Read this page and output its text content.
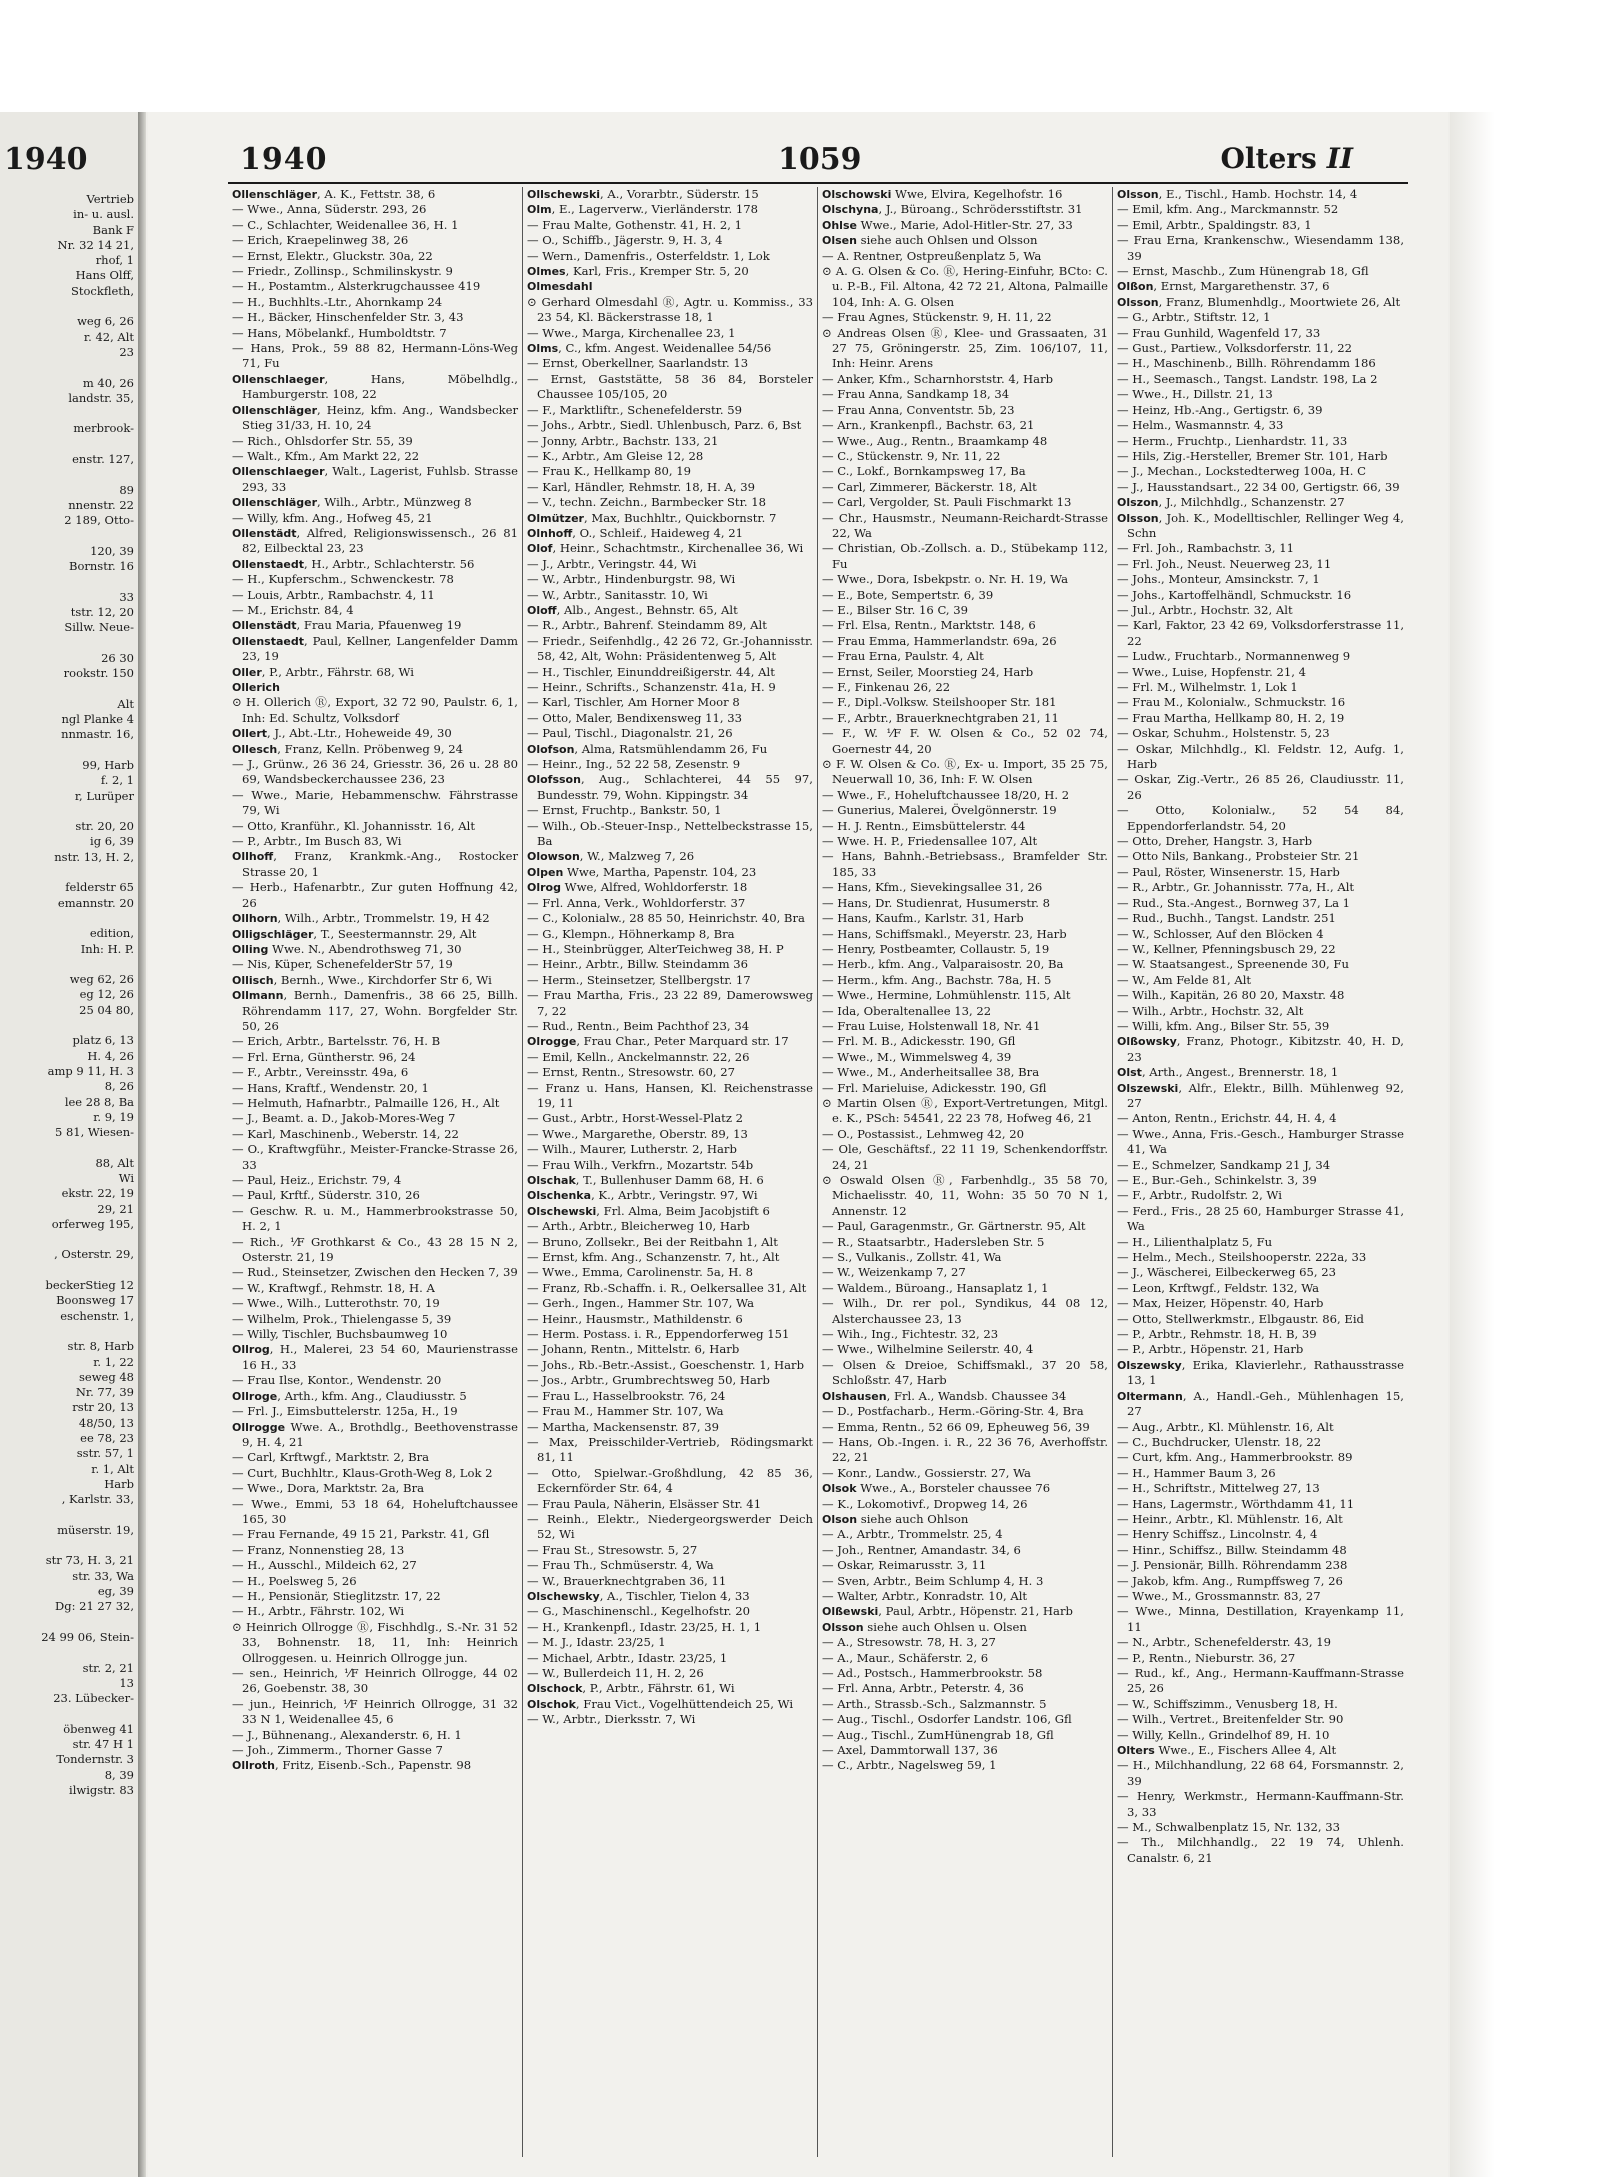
1940
Vertrieb
in- u. ausl.
Bank F
Nr. 32 14 21,
rhof, 1
Hans Olff,
Stockfleth,

weg 6, 26
r. 42, Alt
23

m 40, 26
landstr. 35,

merbrook-

enstr. 127,

89
nnenstr. 22
2 189, Otto-

120, 39
Bornstr. 16

33
tstr. 12, 20
Sillw. Neue-

26 30
rookstr. 150

Alt
ngl Planke 4
nnmastr. 16,

99, Harb
f. 2, 1
r, Lurüper

str. 20, 20
ig 6, 39
nstr. 13, H. 2,

felderstr 65
emannstr. 20

edition,
Inh: H. P.

weg 62, 26
eg 12, 26
25 04 80,

platz 6, 13
H. 4, 26
amp 9 11, H. 3
8, 26
lee 28 8, Ba
r. 9, 19
5 81, Wiesen-

88, Alt
Wi
ekstr. 22, 19
29, 21
orferweg 195,

, Osterstr. 29,

beckerStieg 12
Boonsweg 17
eschenstr. 1,

str. 8, Harb
r. 1, 22
seweg 48
Nr. 77, 39
rstr 20, 13
48/50, 13
ee 78, 23
sstr. 57, 1
r. 1, Alt
Harb
, Karlstr. 33,

müserstr. 19,

str 73, H. 3, 21
str. 33, Wa
eg, 39
Dg: 21 27 32,

24 99 06, Stein-

str. 2, 21
13
23. Lübecker-

öbenweg 41
str. 47 H 1
Tondernstr. 3
8, 39
ilwigstr. 83
1940	1059	Olters II
Ollenschläger, A. K., Fettstr. 38, 6
— Wwe., Anna, Süderstr. 293, 26
— C., Schlachter, Weidenallee 36, H. 1
— Erich, Kraepelinweg 38, 26
— Ernst, Elektr., Gluckstr. 30a, 22
— Friedr., Zollinsp., Schmilinskystr. 9
— H., Postamtm., Alsterkrugchaussee 419
— H., Buchhlts.-Ltr., Ahornkamp 24
— H., Bäcker, Hinschenfelder Str. 3, 43
— Hans, Möbelankf., Humboldtstr. 7
— Hans, Prok., 59 88 82, Hermann-Löns-Weg 71, Fu
Ollenschlaeger, Hans, Möbelhdlg., Hamburgerstr. 108, 22
Ollenschläger, Heinz, kfm. Ang., Wandsbecker Stieg 31/33, H. 10, 24
— Rich., Ohlsdorfer Str. 55, 39
— Walt., Kfm., Am Markt 22, 22
Ollenschlaeger, Walt., Lagerist, Fuhlsb. Strasse 293, 33
Ollenschläger, Wilh., Arbtr., Münzweg 8
— Willy, kfm. Ang., Hofweg 45, 21
Ollenstädt, Alfred, Religionswissensch., 26 81 82, Eilbecktal 23, 23
Ollenstaedt, H., Arbtr., Schlachterstr. 56
— H., Kupferschm., Schwenckestr. 78
— Louis, Arbtr., Rambachstr. 4, 11
— M., Erichstr. 84, 4
Ollenstädt, Frau Maria, Pfauenweg 19
Ollenstaedt, Paul, Kellner, Langenfelder Damm 23, 19
Oller, P., Arbtr., Fährstr. 68, Wi
Ollerich
⊙ H. Ollerich Ⓡ, Export, 32 72 90, Paulstr. 6, 1, Inh: Ed. Schultz, Volksdorf
Ollert, J., Abt.-Ltr., Hoheweide 49, 30
Ollesch, Franz, Kelln. Pröbenweg 9, 24
— J., Grünw., 26 36 24, Griesstr. 36, 26 u. 28 80 69, Wandsbeckerchaussee 236, 23
— Wwe., Marie, Hebammenschw. Fährstrasse 79, Wi
— Otto, Kranführ., Kl. Johannisstr. 16, Alt
— P., Arbtr., Im Busch 83, Wi
Ollhoff, Franz, Krankmk.-Ang., Rostocker Strasse 20, 1
— Herb., Hafenarbtr., Zur guten Hoffnung 42, 26
Ollhorn, Wilh., Arbtr., Trommelstr. 19, H 42
Olligschläger, T., Seestermannstr. 29, Alt
Olling Wwe. N., Abendrothsweg 71, 30
— Nis, Küper, SchenefelderStr 57, 19
Ollisch, Bernh., Wwe., Kirchdorfer Str 6, Wi
Ollmann, Bernh., Damenfris., 38 66 25, Billh. Röhrendamm 117, 27, Wohn. Borgfelder Str. 50, 26
— Erich, Arbtr., Bartelsstr. 76, H. B
— Frl. Erna, Güntherstr. 96, 24
— F., Arbtr., Vereinsstr. 49a, 6
— Hans, Kraftf., Wendenstr. 20, 1
— Helmuth, Hafnarbtr., Palmaille 126, H., Alt
— J., Beamt. a. D., Jakob-Mores-Weg 7
— Karl, Maschinenb., Weberstr. 14, 22
— O., Kraftwgführ., Meister-Francke-Strasse 26, 33
— Paul, Heiz., Erichstr. 79, 4
— Paul, Krftf., Süderstr. 310, 26
— Geschw. R. u. M., Hammerbrookstrasse 50, H. 2, 1
— Rich., ⅟F Grothkarst & Co., 43 28 15 N 2, Osterstr. 21, 19
— Rud., Steinsetzer, Zwischen den Hecken 7, 39
— W., Kraftwgf., Rehmstr. 18, H. A
— Wwe., Wilh., Lutterothstr. 70, 19
— Wilhelm, Prok., Thielengasse 5, 39
— Willy, Tischler, Buchsbaumweg 10
Ollrog, H., Malerei, 23 54 60, Maurienstrasse 16 H., 33
— Frau Ilse, Kontor., Wendenstr. 20
Ollroge, Arth., kfm. Ang., Claudiusstr. 5
— Frl. J., Eimsbuttelerstr. 125a, H., 19
Ollrogge Wwe. A., Brothdlg., Beethovenstrasse 9, H. 4, 21
— Carl, Krftwgf., Marktstr. 2, Bra
— Curt, Buchhltr., Klaus-Groth-Weg 8, Lok 2
— Wwe., Dora, Marktstr. 2a, Bra
— Wwe., Emmi, 53 18 64, Hoheluftchaussee 165, 30
— Frau Fernande, 49 15 21, Parkstr. 41, Gfl
— Franz, Nonnenstieg 28, 13
— H., Ausschl., Mildeich 62, 27
— H., Poelsweg 5, 26
— H., Pensionär, Stieglitzstr. 17, 22
— H., Arbtr., Fährstr. 102, Wi
⊙ Heinrich Ollrogge Ⓡ, Fischhdlg., S.-Nr. 31 52 33, Bohnenstr. 18, 11, Inh: Heinrich Ollroggesen. u. Heinrich Ollrogge jun.
— sen., Heinrich, ⅟F Heinrich Ollrogge, 44 02 26, Goebenstr. 38, 30
— jun., Heinrich, ⅟F Heinrich Ollrogge, 31 32 33 N 1, Weidenallee 45, 6
— J., Bühnenang., Alexanderstr. 6, H. 1
— Joh., Zimmerm., Thorner Gasse 7
Ollroth, Fritz, Eisenb.-Sch., Papenstr. 98
Ollschewski, A., Vorarbtr., Süderstr. 15
Olm, E., Lagerverw., Vierländerstr. 178
— Frau Malte, Gothenstr. 41, H. 2, 1
— O., Schiffb., Jägerstr. 9, H. 3, 4
— Wern., Damenfris., Osterfeldstr. 1, Lok
Olmes, Karl, Fris., Kremper Str. 5, 20
Olmesdahl
⊙ Gerhard Olmesdahl Ⓡ, Agtr. u. Kommiss., 33 23 54, Kl. Bäckerstrasse 18, 1
— Wwe., Marga, Kirchenallee 23, 1
Olms, C., kfm. Angest. Weidenallee 54/56
— Ernst, Oberkellner, Saarlandstr. 13
— Ernst, Gaststätte, 58 36 84, Borsteler Chaussee 105/105, 20
— F., Marktliftr., Schenefelderstr. 59
— Johs., Arbtr., Siedl. Uhlenbusch, Parz. 6, Bst
— Jonny, Arbtr., Bachstr. 133, 21
— K., Arbtr., Am Gleise 12, 28
— Frau K., Hellkamp 80, 19
— Karl, Händler, Rehmstr. 18, H. A, 39
— V., techn. Zeichn., Barmbecker Str. 18
Olmützer, Max, Buchhltr., Quickbornstr. 7
Olnhoff, O., Schleif., Haideweg 4, 21
Olof, Heinr., Schachtmstr., Kirchenallee 36, Wi
— J., Arbtr., Veringstr. 44, Wi
— W., Arbtr., Hindenburgstr. 98, Wi
— W., Arbtr., Sanitasstr. 10, Wi
Oloff, Alb., Angest., Behnstr. 65, Alt
— R., Arbtr., Bahrenf. Steindamm 89, Alt
— Friedr., Seifenhdlg., 42 26 72, Gr.-Johannisstr. 58, 42, Alt, Wohn: Präsidentenweg 5, Alt
— H., Tischler, Einunddreißigerstr. 44, Alt
— Heinr., Schrifts., Schanzenstr. 41a, H. 9
— Karl, Tischler, Am Horner Moor 8
— Otto, Maler, Bendixensweg 11, 33
— Paul, Tischl., Diagonalstr. 21, 26
Olofson, Alma, Ratsmühlendamm 26, Fu
— Heinr., Ing., 52 22 58, Zesenstr. 9
Olofsson, Aug., Schlachterei, 44 55 97, Bundesstr. 79, Wohn. Kippingstr. 34
— Ernst, Fruchtp., Bankstr. 50, 1
— Wilh., Ob.-Steuer-Insp., Nettelbeckstrasse 15, Ba
Olowson, W., Malzweg 7, 26
Olpen Wwe, Martha, Papenstr. 104, 23
Olrog Wwe, Alfred, Wohldorferstr. 18
— Frl. Anna, Verk., Wohldorferstr. 37
— C., Kolonialw., 28 85 50, Heinrichstr. 40, Bra
— G., Klempn., Höhnerkamp 8, Bra
— H., Steinbrügger, AlterTeichweg 38, H. P
— Heinr., Arbtr., Billw. Steindamm 36
— Herm., Steinsetzer, Stellbergstr. 17
— Frau Martha, Fris., 23 22 89, Damerowsweg 7, 22
— Rud., Rentn., Beim Pachthof 23, 34
Olrogge, Frau Char., Peter Marquard str. 17
— Emil, Kelln., Anckelmannstr. 22, 26
— Ernst, Rentn., Stresowstr. 60, 27
— Franz u. Hans, Hansen, Kl. Reichenstrasse 19, 11
— Gust., Arbtr., Horst-Wessel-Platz 2
— Wwe., Margarethe, Oberstr. 89, 13
— Wilh., Maurer, Lutherstr. 2, Harb
— Frau Wilh., Verkfrn., Mozartstr. 54b
Olschak, T., Bullenhuser Damm 68, H. 6
Olschenka, K., Arbtr., Veringstr. 97, Wi
Olschewski, Frl. Alma, Beim Jacobjstift 6
— Arth., Arbtr., Bleicherweg 10, Harb
— Bruno, Zollsekr., Bei der Reitbahn 1, Alt
— Ernst, kfm. Ang., Schanzenstr. 7, ht., Alt
— Wwe., Emma, Carolinenstr. 5a, H. 8
— Franz, Rb.-Schaffn. i. R., Oelkersallee 31, Alt
— Gerh., Ingen., Hammer Str. 107, Wa
— Heinr., Hausmstr., Mathildenstr. 6
— Herm. Postass. i. R., Eppendorferweg 151
— Johann, Rentn., Mittelstr. 6, Harb
— Johs., Rb.-Betr.-Assist., Goeschenstr. 1, Harb
— Jos., Arbtr., Grumbrechtsweg 50, Harb
— Frau L., Hasselbrookstr. 76, 24
— Frau M., Hammer Str. 107, Wa
— Martha, Mackensenstr. 87, 39
— Max, Preisschilder-Vertrieb, Rödingsmarkt 81, 11
— Otto, Spielwar.-Großhdlung, 42 85 36, Eckernförder Str. 64, 4
— Frau Paula, Näherin, Elsässer Str. 41
— Reinh., Elektr., Niedergeorgswerder Deich 52, Wi
— Frau St., Stresowstr. 5, 27
— Frau Th., Schmüserstr. 4, Wa
— W., Brauerknechtgraben 36, 11
Olschewsky, A., Tischler, Tielon 4, 33
— G., Maschinenschl., Kegelhofstr. 20
— H., Krankenpfl., Idastr. 23/25, H. 1, 1
— M. J., Idastr. 23/25, 1
— Michael, Arbtr., Idastr. 23/25, 1
— W., Bullerdeich 11, H. 2, 26
Olschock, P., Arbtr., Fährstr. 61, Wi
Olschok, Frau Vict., Vogelhüttendeich 25, Wi
— W., Arbtr., Dierksstr. 7, Wi
Olschowski Wwe, Elvira, Kegelhofstr. 16
Olschyna, J., Büroang., Schrödersstiftstr. 31
Ohlse Wwe., Marie, Adol-Hitler-Str. 27, 33
Olsen siehe auch Ohlsen und Olsson
— A. Rentner, Ostpreußenplatz 5, Wa
⊙ A. G. Olsen & Co. Ⓡ, Hering-Einfuhr, BCto: C. u. P.-B., Fil. Altona, 42 72 21, Altona, Palmaille 104, Inh: A. G. Olsen
— Frau Agnes, Stückenstr. 9, H. 11, 22
⊙ Andreas Olsen Ⓡ, Klee- und Grassaaten, 31 27 75, Gröningerstr. 25, Zim. 106/107, 11, Inh: Heinr. Arens
— Anker, Kfm., Scharnhorststr. 4, Harb
— Frau Anna, Sandkamp 18, 34
— Frau Anna, Conventstr. 5b, 23
— Arn., Krankenpfl., Bachstr. 63, 21
— Wwe., Aug., Rentn., Braamkamp 48
— C., Stückenstr. 9, Nr. 11, 22
— C., Lokf., Bornkampsweg 17, Ba
— Carl, Zimmerer, Bäckerstr. 18, Alt
— Carl, Vergolder, St. Pauli Fischmarkt 13
— Chr., Hausmstr., Neumann-Reichardt-Strasse 22, Wa
— Christian, Ob.-Zollsch. a. D., Stübekamp 112, Fu
— Wwe., Dora, Isbekpstr. o. Nr. H. 19, Wa
— E., Bote, Sempertstr. 6, 39
— E., Bilser Str. 16 C, 39
— Frl. Elsa, Rentn., Marktstr. 148, 6
— Frau Emma, Hammerlandstr. 69a, 26
— Frau Erna, Paulstr. 4, Alt
— Ernst, Seiler, Moorstieg 24, Harb
— F., Finkenau 26, 22
— F., Dipl.-Volksw. Steilshooper Str. 181
— F., Arbtr., Brauerknechtgraben 21, 11
— F., W. ⅟F F. W. Olsen & Co., 52 02 74, Goernestr 44, 20
⊙ F. W. Olsen & Co. Ⓡ, Ex- u. Import, 35 25 75, Neuerwall 10, 36, Inh: F. W. Olsen
— Wwe., F., Hoheluftchaussee 18/20, H. 2
— Gunerius, Malerei, Övelgönnerstr. 19
— H. J. Rentn., Eimsbüttelerstr. 44
— Wwe. H. P., Friedensallee 107, Alt
— Hans, Bahnh.-Betriebsass., Bramfelder Str. 185, 33
— Hans, Kfm., Sievekingsallee 31, 26
— Hans, Dr. Studienrat, Husumerstr. 8
— Hans, Kaufm., Karlstr. 31, Harb
— Hans, Schiffsmakl., Meyerstr. 23, Harb
— Henry, Postbeamter, Collaustr. 5, 19
— Herb., kfm. Ang., Valparaisostr. 20, Ba
— Herm., kfm. Ang., Bachstr. 78a, H. 5
— Wwe., Hermine, Lohmühlenstr. 115, Alt
— Ida, Oberaltenallee 13, 22
— Frau Luise, Holstenwall 18, Nr. 41
— Frl. M. B., Adickesstr. 190, Gfl
— Wwe., M., Wimmelsweg 4, 39
— Wwe., M., Anderheitsallee 38, Bra
— Frl. Marieluise, Adickesstr. 190, Gfl
⊙ Martin Olsen Ⓡ, Export-Vertretungen, Mitgl. e. K., PSch: 54541, 22 23 78, Hofweg 46, 21
— O., Postassist., Lehmweg 42, 20
— Ole, Geschäftsf., 22 11 19, Schenkendorffstr. 24, 21
⊙ Oswald Olsen Ⓡ, Farbenhdlg., 35 58 70, Michaelisstr. 40, 11, Wohn: 35 50 70 N 1, Annenstr. 12
— Paul, Garagenmstr., Gr. Gärtnerstr. 95, Alt
— R., Staatsarbtr., Hadersleben Str. 5
— S., Vulkanis., Zollstr. 41, Wa
— W., Weizenkamp 7, 27
— Waldem., Büroang., Hansaplatz 1, 1
— Wilh., Dr. rer pol., Syndikus, 44 08 12, Alsterchaussee 23, 13
— Wih., Ing., Fichtestr. 32, 23
— Wwe., Wilhelmine Seilerstr. 40, 4
— Olsen & Dreioe, Schiffsmakl., 37 20 58, Schloßstr. 47, Harb
Olshausen, Frl. A., Wandsb. Chaussee 34
— D., Postfacharb., Herm.-Göring-Str. 4, Bra
— Emma, Rentn., 52 66 09, Epheuweg 56, 39
— Hans, Ob.-Ingen. i. R., 22 36 76, Averhoffstr. 22, 21
— Konr., Landw., Gossierstr. 27, Wa
Olsok Wwe., A., Borsteler chaussee 76
— K., Lokomotivf., Dropweg 14, 26
Olson siehe auch Ohlson
— A., Arbtr., Trommelstr. 25, 4
— Joh., Rentner, Amandastr. 34, 6
— Oskar, Reimarusstr. 3, 11
— Sven, Arbtr., Beim Schlump 4, H. 3
— Walter, Arbtr., Konradstr. 10, Alt
Olßewski, Paul, Arbtr., Höpenstr. 21, Harb
Olsson siehe auch Ohlsen u. Olsen
— A., Stresowstr. 78, H. 3, 27
— A., Maur., Schäferstr. 2, 6
— Ad., Postsch., Hammerbrookstr. 58
— Frl. Anna, Arbtr., Peterstr. 4, 36
— Arth., Strassb.-Sch., Salzmannstr. 5
— Aug., Tischl., Osdorfer Landstr. 106, Gfl
— Aug., Tischl., ZumHünengrab 18, Gfl
— Axel, Dammtorwall 137, 36
— C., Arbtr., Nagelsweg 59, 1
Olsson, E., Tischl., Hamb. Hochstr. 14, 4
— Emil, kfm. Ang., Marckmannstr. 52
— Emil, Arbtr., Spaldingstr. 83, 1
— Frau Erna, Krankenschw., Wiesendamm 138, 39
— Ernst, Maschb., Zum Hünengrab 18, Gfl
Olßon, Ernst, Margarethenstr. 37, 6
Olsson, Franz, Blumenhdlg., Moortwiete 26, Alt
— G., Arbtr., Stiftstr. 12, 1
— Frau Gunhild, Wagenfeld 17, 33
— Gust., Partiew., Volksdorferstr. 11, 22
— H., Maschinenb., Billh. Röhrendamm 186
— H., Seemasch., Tangst. Landstr. 198, La 2
— Wwe., H., Dillstr. 21, 13
— Heinz, Hb.-Ang., Gertigstr. 6, 39
— Helm., Wasmannstr. 4, 33
— Herm., Fruchtp., Lienhardstr. 11, 33
— Hils, Zig.-Hersteller, Bremer Str. 101, Harb
— J., Mechan., Lockstedterweg 100a, H. C
— J., Hausstandsart., 22 34 00, Gertigstr. 66, 39
Olszon, J., Milchhdlg., Schanzenstr. 27
Olsson, Joh. K., Modelltischler, Rellinger Weg 4, Schn
— Frl. Joh., Rambachstr. 3, 11
— Frl. Joh., Neust. Neuerweg 23, 11
— Johs., Monteur, Amsinckstr. 7, 1
— Johs., Kartoffelhändl, Schmuckstr. 16
— Jul., Arbtr., Hochstr. 32, Alt
— Karl, Faktor, 23 42 69, Volksdorferstrasse 11, 22
— Ludw., Fruchtarb., Normannenweg 9
— Wwe., Luise, Hopfenstr. 21, 4
— Frl. M., Wilhelmstr. 1, Lok 1
— Frau M., Kolonialw., Schmuckstr. 16
— Frau Martha, Hellkamp 80, H. 2, 19
— Oskar, Schuhm., Holstenstr. 5, 23
— Oskar, Milchhdlg., Kl. Feldstr. 12, Aufg. 1, Harb
— Oskar, Zig.-Vertr., 26 85 26, Claudiusstr. 11, 26
— Otto, Kolonialw., 52 54 84, Eppendorferlandstr. 54, 20
— Otto, Dreher, Hangstr. 3, Harb
— Otto Nils, Bankang., Probsteier Str. 21
— Paul, Röster, Winsenerstr. 15, Harb
— R., Arbtr., Gr. Johannisstr. 77a, H., Alt
— Rud., Sta.-Angest., Bornweg 37, La 1
— Rud., Buchh., Tangst. Landstr. 251
— W., Schlosser, Auf den Blöcken 4
— W., Kellner, Pfenningsbusch 29, 22
— W. Staatsangest., Spreenende 30, Fu
— W., Am Felde 81, Alt
— Wilh., Kapitän, 26 80 20, Maxstr. 48
— Wilh., Arbtr., Hochstr. 32, Alt
— Willi, kfm. Ang., Bilser Str. 55, 39
Olßowsky, Franz, Photogr., Kibitzstr. 40, H. D, 23
Olst, Arth., Angest., Brennerstr. 18, 1
Olszewski, Alfr., Elektr., Billh. Mühlenweg 92, 27
— Anton, Rentn., Erichstr. 44, H. 4, 4
— Wwe., Anna, Fris.-Gesch., Hamburger Strasse 41, Wa
— E., Schmelzer, Sandkamp 21 J, 34
— E., Bur.-Geh., Schinkelstr. 3, 39
— F., Arbtr., Rudolfstr. 2, Wi
— Ferd., Fris., 28 25 60, Hamburger Strasse 41, Wa
— H., Lilienthalplatz 5, Fu
— Helm., Mech., Steilshooperstr. 222a, 33
— J., Wäscherei, Eilbeckerweg 65, 23
— Leon, Krftwgf., Feldstr. 132, Wa
— Max, Heizer, Höpenstr. 40, Harb
— Otto, Stellwerkmstr., Elbgaustr. 86, Eid
— P., Arbtr., Rehmstr. 18, H. B, 39
— P., Arbtr., Höpenstr. 21, Harb
Olszewsky, Erika, Klavierlehr., Rathausstrasse 13, 1
Oltermann, A., Handl.-Geh., Mühlenhagen 15, 27
— Aug., Arbtr., Kl. Mühlenstr. 16, Alt
— C., Buchdrucker, Ulenstr. 18, 22
— Curt, kfm. Ang., Hammerbrookstr. 89
— H., Hammer Baum 3, 26
— H., Schriftstr., Mittelweg 27, 13
— Hans, Lagermstr., Wörthdamm 41, 11
— Heinr., Arbtr., Kl. Mühlenstr. 16, Alt
— Henry Schiffsz., Lincolnstr. 4, 4
— Hinr., Schiffsz., Billw. Steindamm 48
— J. Pensionär, Billh. Röhrendamm 238
— Jakob, kfm. Ang., Rumpffsweg 7, 26
— Wwe., M., Grossmannstr. 83, 27
— Wwe., Minna, Destillation, Krayenkamp 11, 11
— N., Arbtr., Schenefelderstr. 43, 19
— P., Rentn., Nieburstr. 36, 27
— Rud., kf., Ang., Hermann-Kauffmann-Strasse 25, 26
— W., Schiffszimm., Venusberg 18, H.
— Wilh., Vertret., Breitenfelder Str. 90
— Willy, Kelln., Grindelhof 89, H. 10
Olters Wwe., E., Fischers Allee 4, Alt
— H., Milchhandlung, 22 68 64, Forsmannstr. 2, 39
— Henry, Werkmstr., Hermann-Kauffmann-Str. 3, 33
— M., Schwalbenplatz 15, Nr. 132, 33
— Th., Milchhandlg., 22 19 74, Uhlenh. Canalstr. 6, 21
